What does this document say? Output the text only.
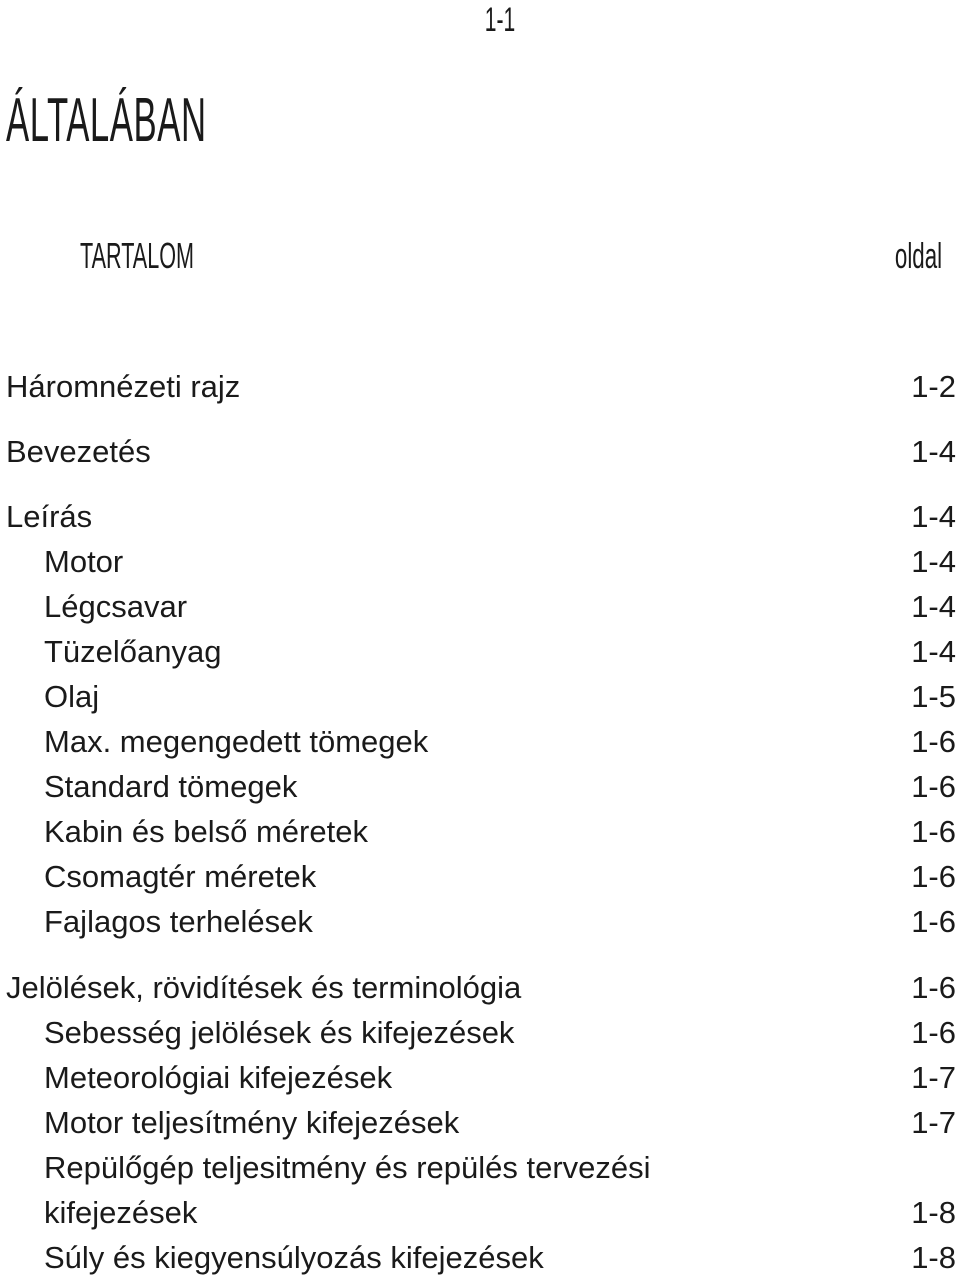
1-1
ÁLTALÁBAN
TARTALOM	oldal
Háromnézeti rajz	1-2
Bevezetés	1-4
Leírás	1-4
Motor	1-4
Légcsavar	1-4
Tüzelőanyag	1-4
Olaj	1-5
Max. megengedett tömegek	1-6
Standard tömegek	1-6
Kabin és belső méretek	1-6
Csomagtér méretek	1-6
Fajlagos terhelések	1-6
Jelölések, rövidítések és terminológia	1-6
Sebesség jelölések és kifejezések	1-6
Meteorológiai kifejezések	1-7
Motor teljesítmény kifejezések	1-7
Repülőgép teljesitmény és repülés tervezési
kifejezések	1-8
Súly és kiegyensúlyozás kifejezések	1-8
